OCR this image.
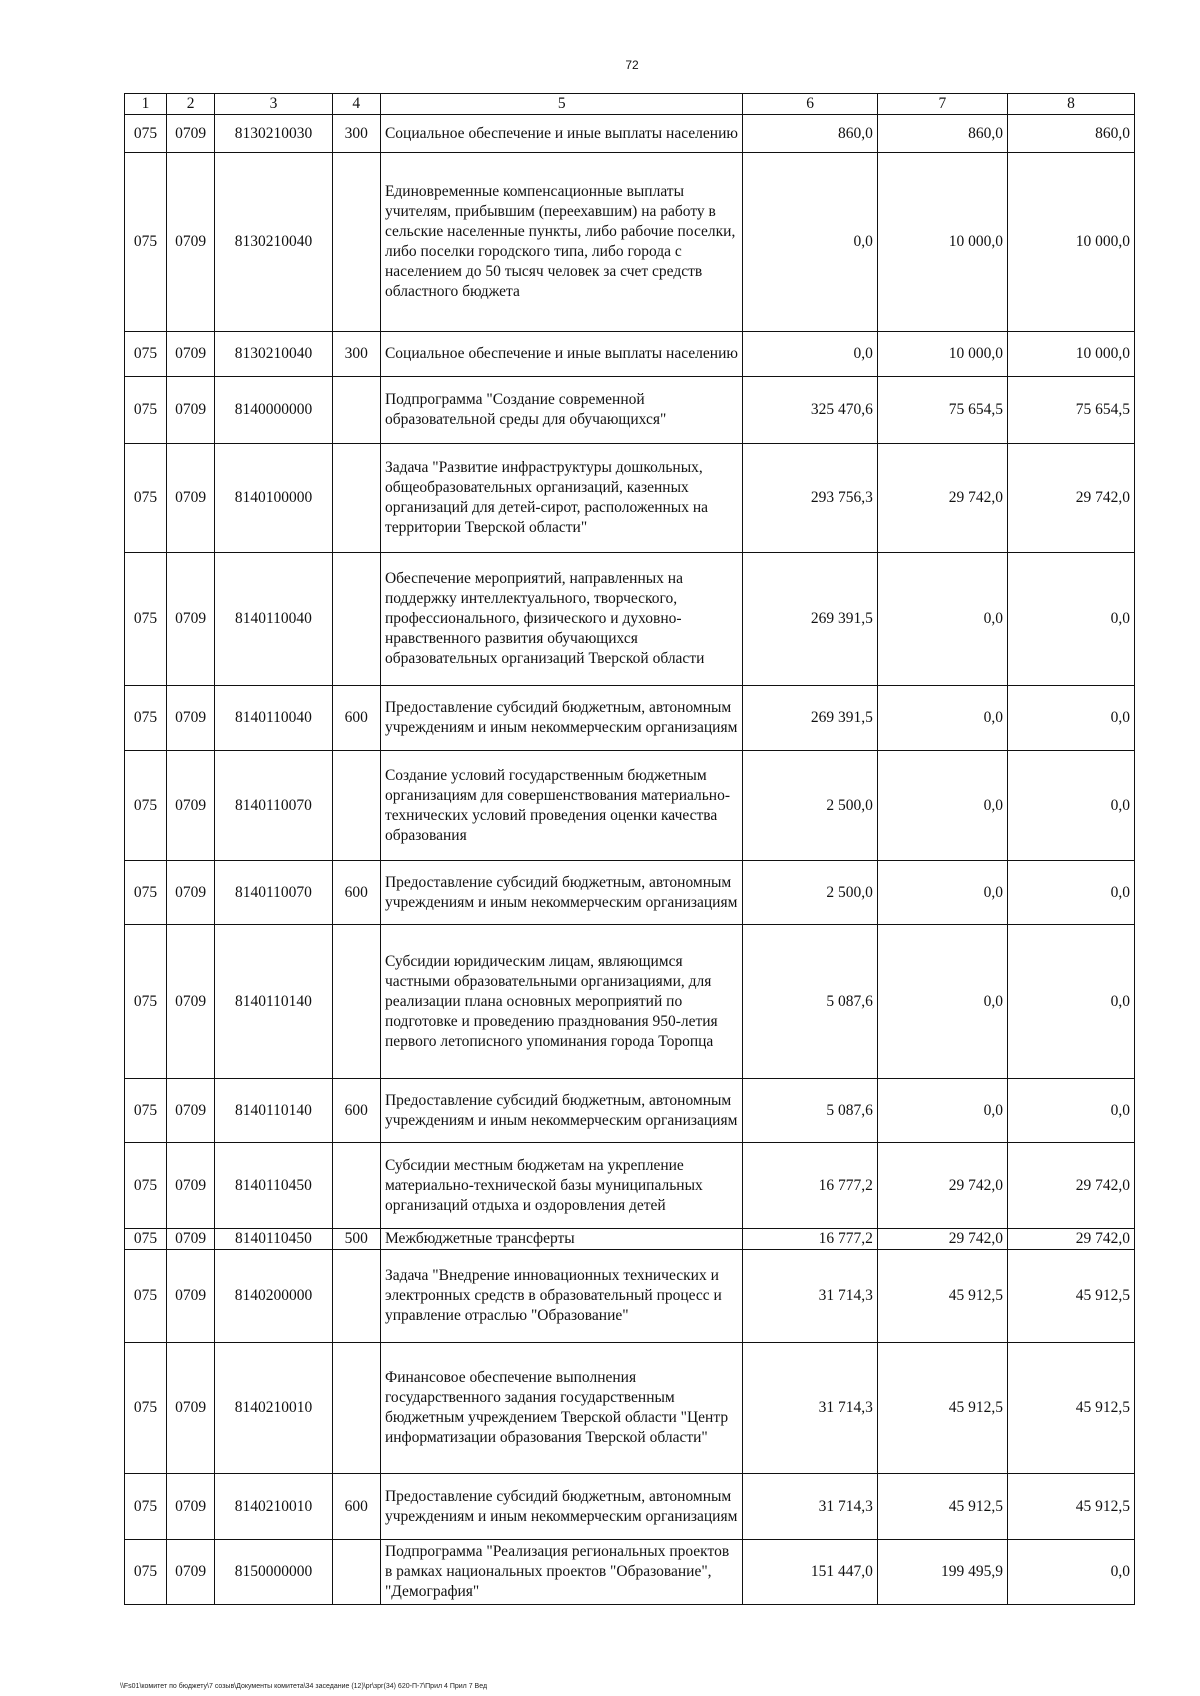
72
1	2	3	4	5	6	7	8
075	0709	8130210030	300	Социальное обеспечение и иные выплаты населению	860,0	860,0	860,0
075	0709	8130210040		Единовременные компенсационные выплаты учителям, прибывшим (переехавшим) на работу в сельские населенные пункты, либо рабочие поселки, либо поселки городского типа, либо города с населением до 50 тысяч человек за счет средств областного бюджета	0,0	10 000,0	10 000,0
075	0709	8130210040	300	Социальное обеспечение и иные выплаты населению	0,0	10 000,0	10 000,0
075	0709	8140000000		Подпрограмма "Создание современной образовательной среды для обучающихся"	325 470,6	75 654,5	75 654,5
075	0709	8140100000		Задача "Развитие инфраструктуры дошкольных, общеобразовательных организаций, казенных организаций для детей-сирот, расположенных на территории Тверской области"	293 756,3	29 742,0	29 742,0
075	0709	8140110040		Обеспечение мероприятий, направленных на поддержку интеллектуального, творческого, профессионального, физического и духовно-нравственного развития обучающихся образовательных организаций Тверской области	269 391,5	0,0	0,0
075	0709	8140110040	600	Предоставление субсидий бюджетным, автономным учреждениям и иным некоммерческим организациям	269 391,5	0,0	0,0
075	0709	8140110070		Создание условий государственным бюджетным организациям для совершенствования материально-технических условий проведения оценки качества образования	2 500,0	0,0	0,0
075	0709	8140110070	600	Предоставление субсидий бюджетным, автономным учреждениям и иным некоммерческим организациям	2 500,0	0,0	0,0
075	0709	8140110140		Субсидии юридическим лицам, являющимся частными образовательными организациями, для реализации плана основных мероприятий по подготовке и проведению празднования 950-летия первого летописного упоминания города Торопца	5 087,6	0,0	0,0
075	0709	8140110140	600	Предоставление субсидий бюджетным, автономным учреждениям и иным некоммерческим организациям	5 087,6	0,0	0,0
075	0709	8140110450		Субсидии местным бюджетам на укрепление материально-технической базы муниципальных организаций отдыха и оздоровления детей	16 777,2	29 742,0	29 742,0
075	0709	8140110450	500	Межбюджетные трансферты	16 777,2	29 742,0	29 742,0
075	0709	8140200000		Задача "Внедрение инновационных технических и электронных средств в образовательный процесс и управление отраслью "Образование"	31 714,3	45 912,5	45 912,5
075	0709	8140210010		Финансовое обеспечение выполнения государственного задания государственным бюджетным учреждением Тверской области "Центр информатизации образования Тверской области"	31 714,3	45 912,5	45 912,5
075	0709	8140210010	600	Предоставление субсидий бюджетным, автономным учреждениям и иным некоммерческим организациям	31 714,3	45 912,5	45 912,5
075	0709	8150000000		Подпрограмма "Реализация региональных проектов в рамках национальных проектов "Образование", "Демография"	151 447,0	199 495,9	0,0
\\Fs01\комитет по бюджету\7 созыв\Документы комитета\34 заседание (12)\pr\зрг(34) 620-П-7\Прил 4 Прил 7 Вед
